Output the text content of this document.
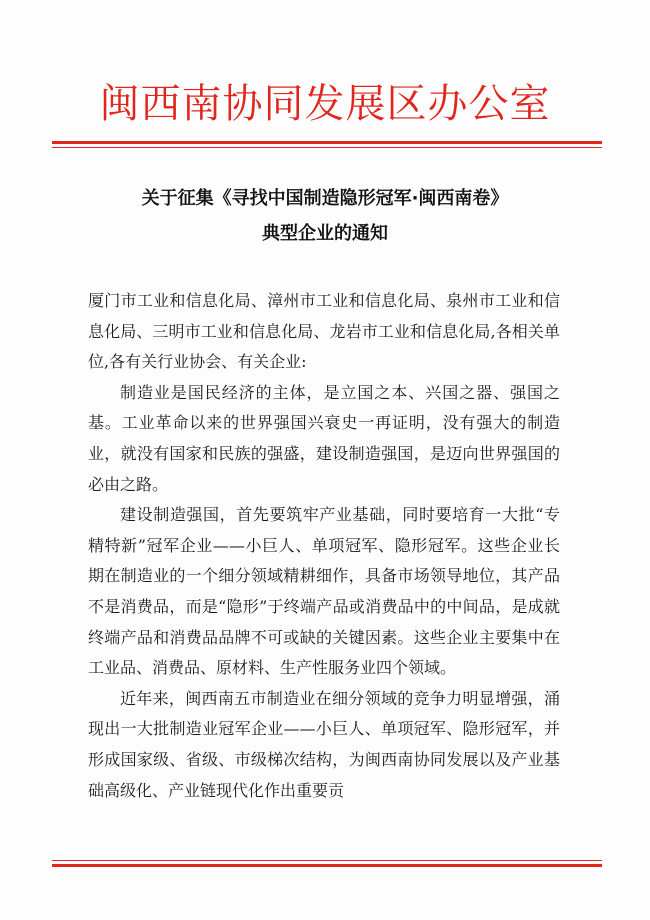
闽西南协同发展区办公室
关于征集《寻找中国制造隐形冠军·闽西南卷》
典型企业的通知

厦门市工业和信息化局、漳州市工业和信息化局、泉州市工业和信息化局、三明市工业和信息化局、龙岩市工业和信息化局,各相关单位,各有关行业协会、有关企业:

制造业是国民经济的主体，是立国之本、兴国之器、强国之基。工业革命以来的世界强国兴衰史一再证明，没有强大的制造业，就没有国家和民族的强盛，建设制造强国，是迈向世界强国的必由之路。

建设制造强国，首先要筑牢产业基础，同时要培育一大批“专精特新”冠军企业——小巨人、单项冠军、隐形冠军。这些企业长期在制造业的一个细分领域精耕细作，具备市场领导地位，其产品不是消费品，而是“隐形”于终端产品或消费品中的中间品，是成就终端产品和消费品品牌不可或缺的关键因素。这些企业主要集中在工业品、消费品、原材料、生产性服务业四个领域。

近年来，闽西南五市制造业在细分领域的竞争力明显增强，涌现出一大批制造业冠军企业——小巨人、单项冠军、隐形冠军，并形成国家级、省级、市级梯次结构，为闽西南协同发展以及产业基础高级化、产业链现代化作出重要贡
